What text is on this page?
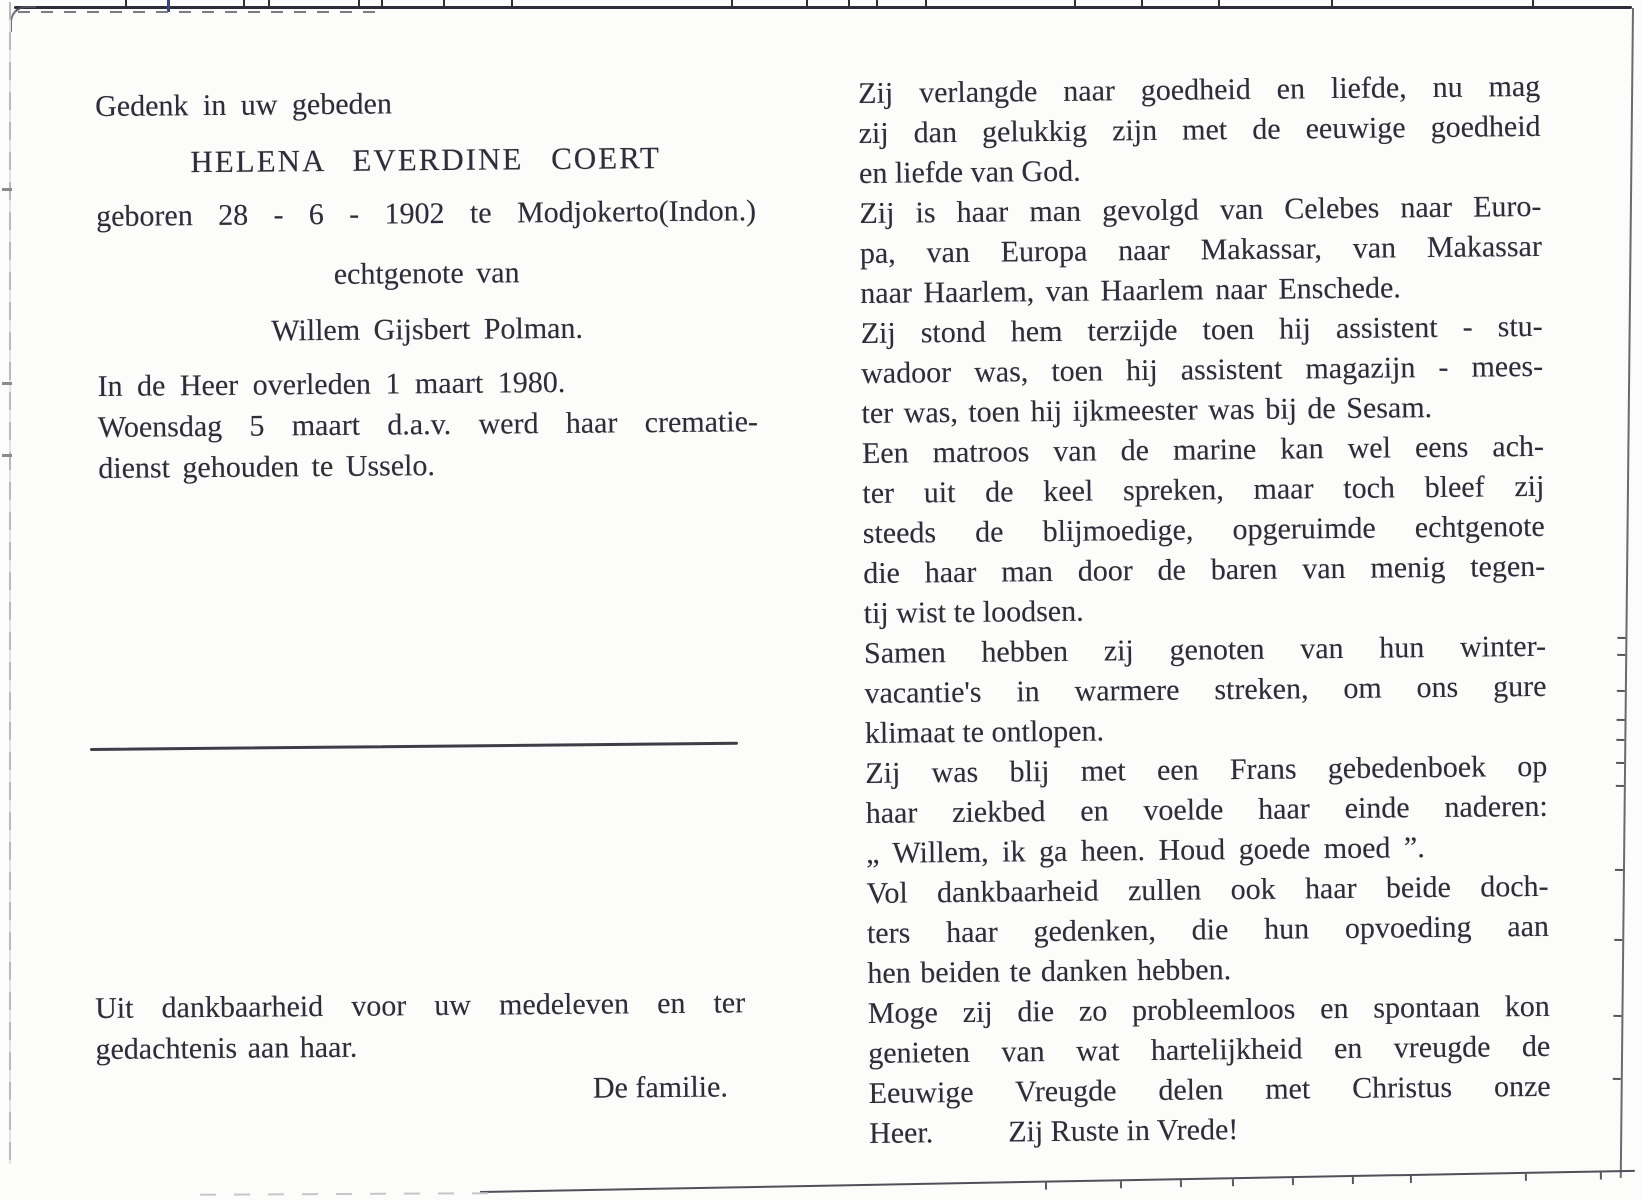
Gedenk in uw gebeden
HELENA EVERDINE COERT
geboren 28 - 6 - 1902 te Modjokerto(Indon.)
echtgenote van
Willem Gijsbert Polman.
In de Heer overleden 1 maart 1980.
Woensdag 5 maart d.a.v. werd haar crematie-
dienst gehouden te Usselo.
Uit dankbaarheid voor uw medeleven en ter
gedachtenis aan haar.
De familie.
Zij verlangde naar goedheid en liefde, nu mag
zij dan gelukkig zijn met de eeuwige goedheid
en liefde van God.
Zij is haar man gevolgd van Celebes naar Euro-
pa, van Europa naar Makassar, van Makassar
naar Haarlem, van Haarlem naar Enschede.
Zij stond hem terzijde toen hij assistent - stu-
wadoor was, toen hij assistent magazijn - mees-
ter was, toen hij ijkmeester was bij de Sesam.
Een matroos van de marine kan wel eens ach-
ter uit de keel spreken, maar toch bleef zij
steeds de blijmoedige, opgeruimde echtgenote
die haar man door de baren van menig tegen-
tij wist te loodsen.
Samen hebben zij genoten van hun winter-
vacantie's in warmere streken, om ons gure
klimaat te ontlopen.
Zij was blij met een Frans gebedenboek op
haar ziekbed en voelde haar einde naderen:
„ Willem, ik ga heen. Houd goede moed ”.
Vol dankbaarheid zullen ook haar beide doch-
ters haar gedenken, die hun opvoeding aan
hen beiden te danken hebben.
Moge zij die zo probleemloos en spontaan kon
genieten van wat hartelijkheid en vreugde de
Eeuwige Vreugde delen met Christus onze
Heer.   Zij Ruste in Vrede!
